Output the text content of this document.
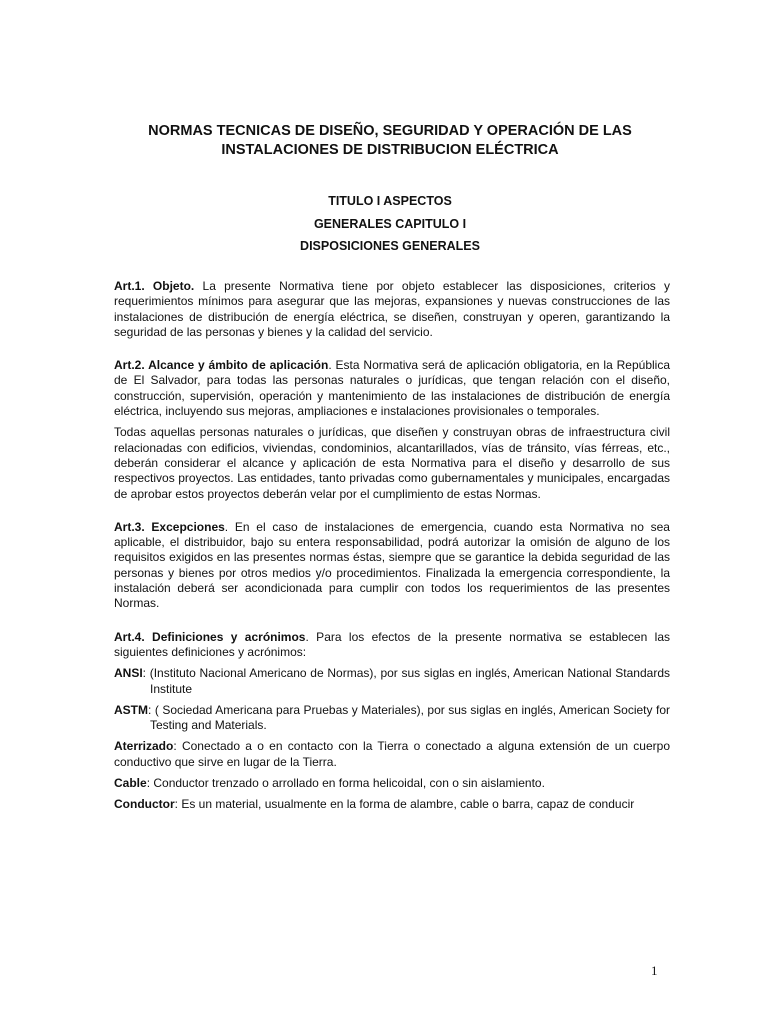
NORMAS TECNICAS DE DISEÑO, SEGURIDAD Y OPERACIÓN DE LAS
INSTALACIONES DE DISTRIBUCION ELÉCTRICA
TITULO I ASPECTOS
GENERALES CAPITULO I
DISPOSICIONES GENERALES

Art.1. Objeto. La presente Normativa tiene por objeto establecer las disposiciones, criterios y requerimientos mínimos para asegurar que las mejoras, expansiones y nuevas construcciones de las instalaciones de distribución de energía eléctrica, se diseñen, construyan y operen, garantizando la seguridad de las personas y bienes y la calidad del servicio.

Art.2. Alcance y ámbito de aplicación. Esta Normativa será de aplicación obligatoria, en la República de El Salvador, para todas las personas naturales o jurídicas, que tengan relación con el diseño, construcción, supervisión, operación y mantenimiento de las instalaciones de distribución de energía eléctrica, incluyendo sus mejoras, ampliaciones e instalaciones provisionales o temporales.

Todas aquellas personas naturales o jurídicas, que diseñen y construyan obras de infraestructura civil relacionadas con edificios, viviendas, condominios, alcantarillados, vías de tránsito, vías férreas, etc., deberán considerar el alcance y aplicación de esta Normativa para el diseño y desarrollo de sus respectivos proyectos. Las entidades, tanto privadas como gubernamentales y municipales, encargadas de aprobar estos proyectos deberán velar por el cumplimiento de estas Normas.

Art.3. Excepciones. En el caso de instalaciones de emergencia, cuando esta Normativa no sea aplicable, el distribuidor, bajo su entera responsabilidad, podrá autorizar la omisión de alguno de los requisitos exigidos en las presentes normas éstas, siempre que se garantice la debida seguridad de las personas y bienes por otros medios y/o procedimientos. Finalizada la emergencia correspondiente, la instalación deberá ser acondicionada para cumplir con todos los requerimientos de las presentes Normas.

Art.4. Definiciones y acrónimos. Para los efectos de la presente normativa se establecen las siguientes definiciones y acrónimos:

ANSI: (Instituto Nacional Americano de Normas), por sus siglas en inglés, American National Standards Institute

ASTM: ( Sociedad Americana para Pruebas y Materiales), por sus siglas en inglés, American Society for Testing and Materials.

Aterrizado: Conectado a o en contacto con la Tierra o conectado a alguna extensión de un cuerpo conductivo que sirve en lugar de la Tierra.

Cable: Conductor trenzado o arrollado en forma helicoidal, con o sin aislamiento.

Conductor: Es un material, usualmente en la forma de alambre, cable o barra, capaz de conducir

1
